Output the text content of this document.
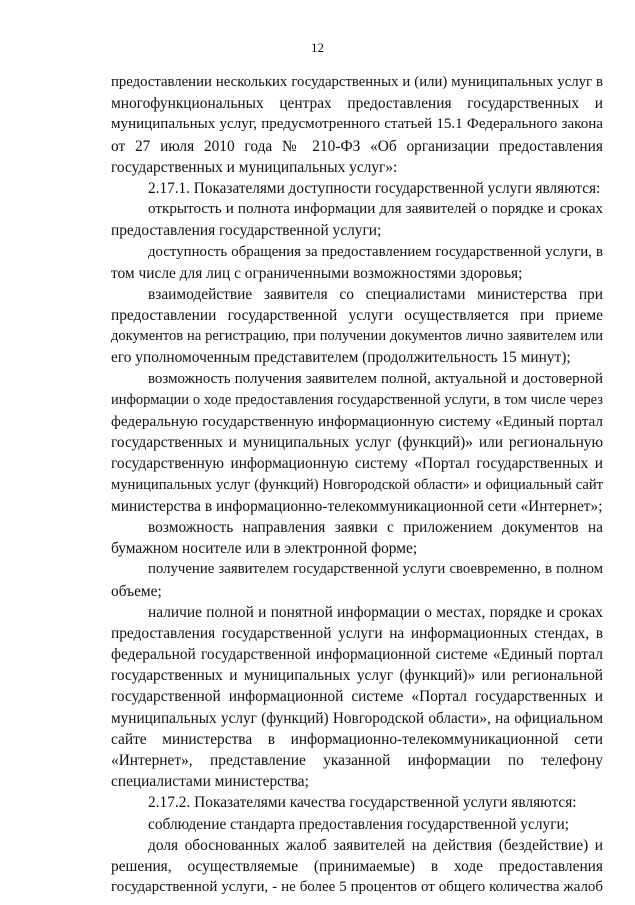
12
предоставлении нескольких государственных и (или) муниципальных услуг в
многофункциональных центрах предоставления государственных и
муниципальных услуг, предусмотренного статьей 15.1 Федерального закона
от 27 июля 2010 года № 210-ФЗ «Об организации предоставления
государственных и муниципальных услуг»:
2.17.1. Показателями доступности государственной услуги являются:
открытость и полнота информации для заявителей о порядке и сроках
предоставления государственной услуги;
доступность обращения за предоставлением государственной услуги, в
том числе для лиц с ограниченными возможностями здоровья;
взаимодействие заявителя со специалистами министерства при
предоставлении государственной услуги осуществляется при приеме
документов на регистрацию, при получении документов лично заявителем или
его уполномоченным представителем (продолжительность 15 минут);
возможность получения заявителем полной, актуальной и достоверной
информации о ходе предоставления государственной услуги, в том числе через
федеральную государственную информационную систему «Единый портал
государственных и муниципальных услуг (функций)» или региональную
государственную информационную систему «Портал государственных и
муниципальных услуг (функций) Новгородской области» и официальный сайт
министерства в информационно-телекоммуникационной сети «Интернет»;
возможность направления заявки с приложением документов на
бумажном носителе или в электронной форме;
получение заявителем государственной услуги своевременно, в полном
объеме;
наличие полной и понятной информации о местах, порядке и сроках
предоставления государственной услуги на информационных стендах, в
федеральной государственной информационной системе «Единый портал
государственных и муниципальных услуг (функций)» или региональной
государственной информационной системе «Портал государственных и
муниципальных услуг (функций) Новгородской области», на официальном
сайте министерства в информационно-телекоммуникационной сети
«Интернет», представление указанной информации по телефону
специалистами министерства;
2.17.2. Показателями качества государственной услуги являются:
соблюдение стандарта предоставления государственной услуги;
доля обоснованных жалоб заявителей на действия (бездействие) и
решения, осуществляемые (принимаемые) в ходе предоставления
государственной услуги, - не более 5 процентов от общего количества жалоб
